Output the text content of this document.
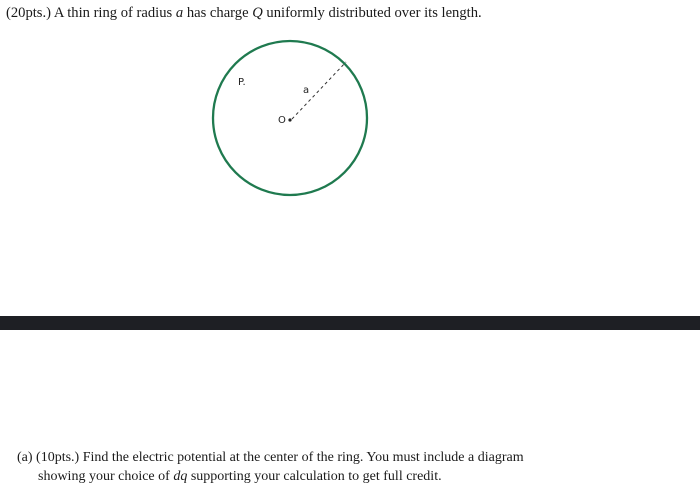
(20pts.) A thin ring of radius a has charge Q uniformly distributed over its length.
P.
a
O
(a) (10pts.) Find the electric potential at the center of the ring. You must include a diagram
showing your choice of dq supporting your calculation to get full credit.
